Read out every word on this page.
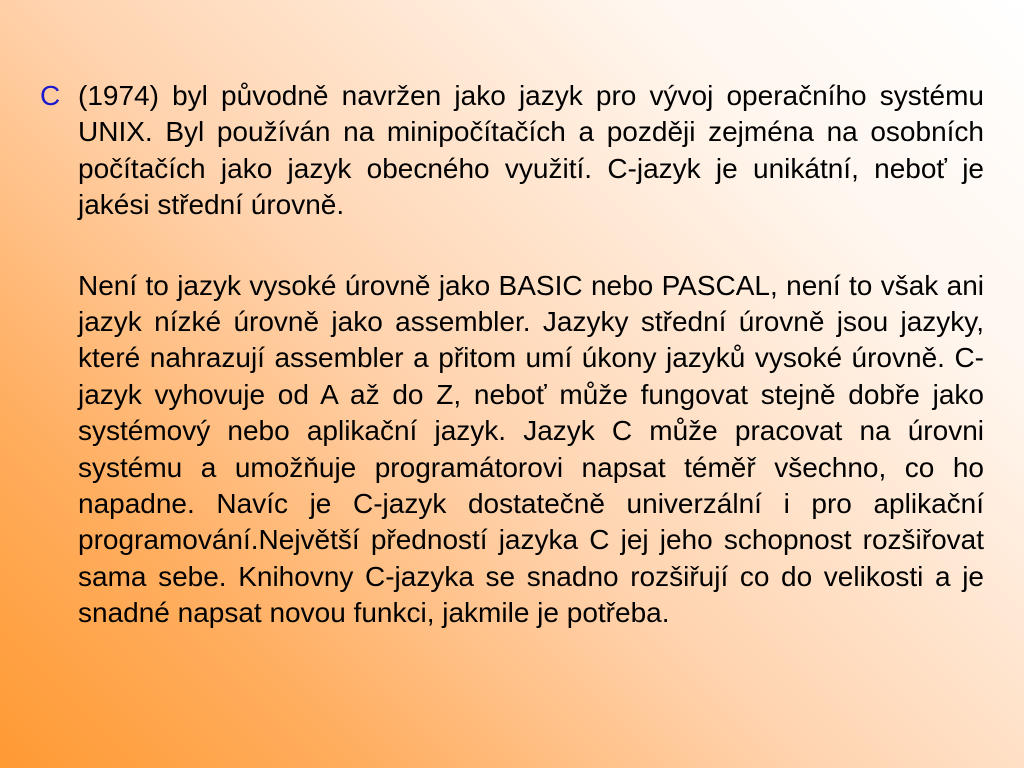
C (1974) byl původně navržen jako jazyk pro vývoj operačního systému UNIX. Byl používán na minipočítačích a později zejména na osobních počítačích jako jazyk obecného využití. C-jazyk je unikátní, neboť je jakési střední úrovně.

Není to jazyk vysoké úrovně jako BASIC nebo PASCAL, není to však ani jazyk nízké úrovně jako assembler. Jazyky střední úrovně jsou jazyky, které nahrazují assembler a přitom umí úkony jazyků vysoké úrovně. C-jazyk vyhovuje od A až do Z, neboť může fungovat stejně dobře jako systémový nebo aplikační jazyk. Jazyk C může pracovat na úrovni systému a umožňuje programátorovi napsat téměř všechno, co ho napadne. Navíc je C-jazyk dostatečně univerzální i pro aplikační programování.Největší předností jazyka C jej jeho schopnost rozšiřovat sama sebe. Knihovny C-jazyka se snadno rozšiřují co do velikosti a je snadné napsat novou funkci, jakmile je potřeba.
